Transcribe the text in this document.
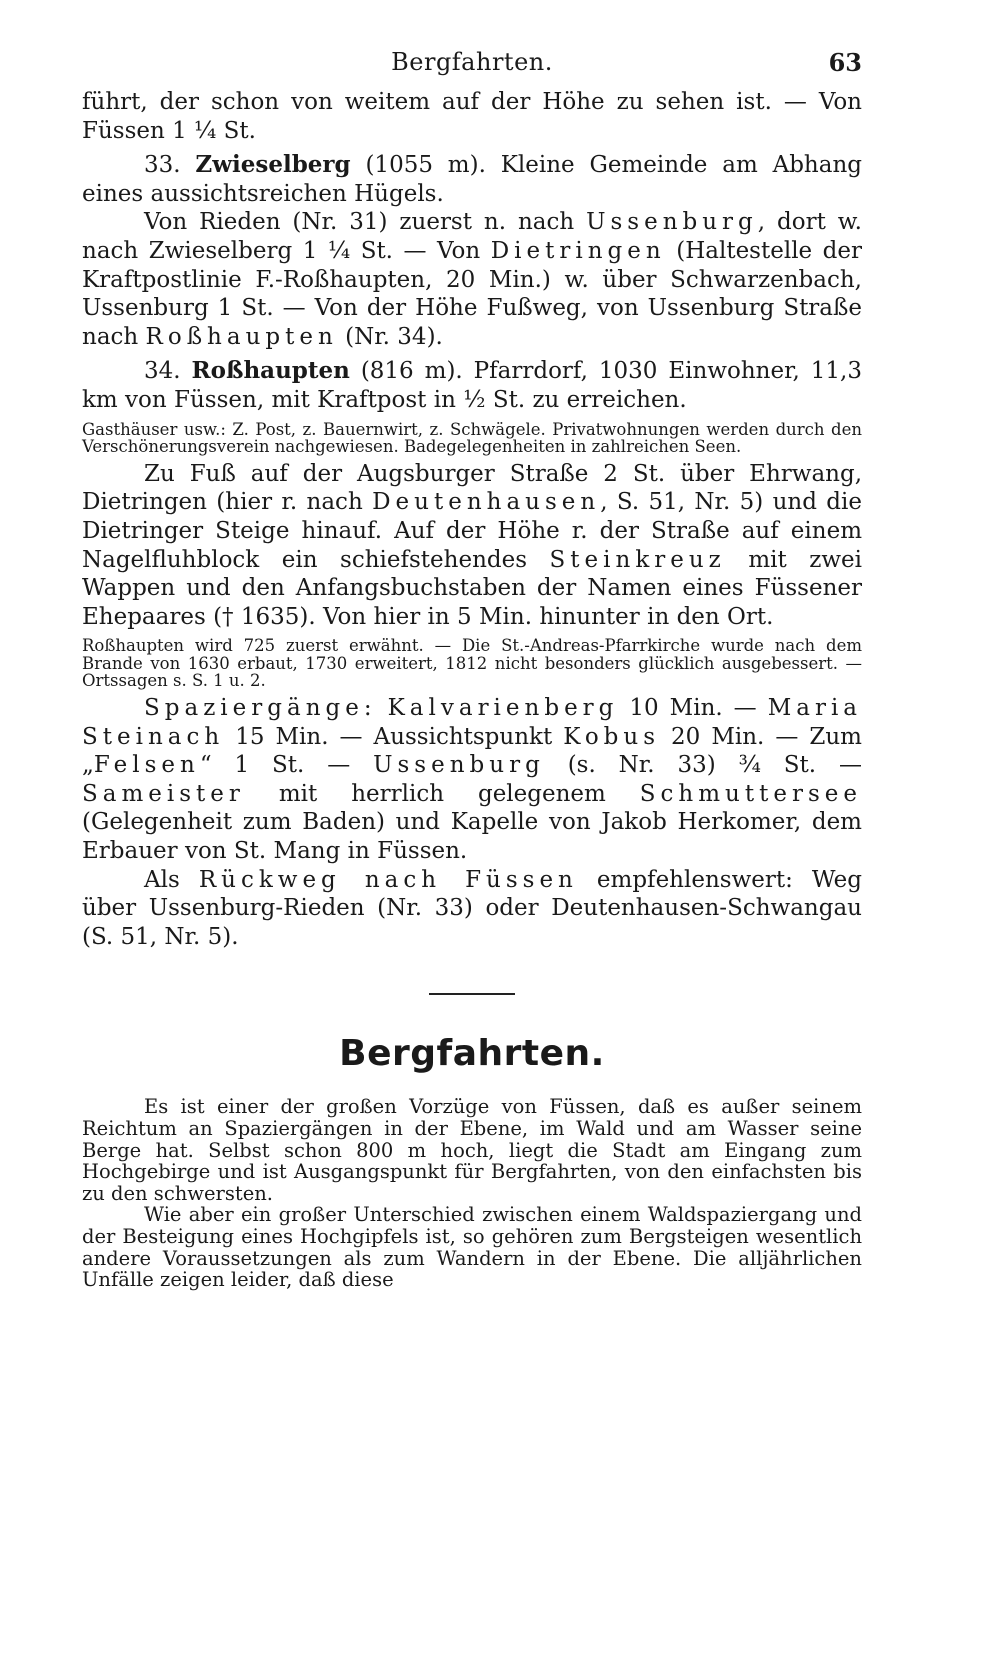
Bergfahrten.	63

führt, der schon von weitem auf der Höhe zu sehen ist. — Von Füssen 1 ¼ St.

33. Zwieselberg (1055 m). Kleine Gemeinde am Abhang eines aussichtsreichen Hügels.

Von Rieden (Nr. 31) zuerst n. nach Ussenburg, dort w. nach Zwieselberg 1 ¼ St. — Von Dietringen (Haltestelle der Kraftpostlinie F.-Roßhaupten, 20 Min.) w. über Schwarzenbach, Ussenburg 1 St. — Von der Höhe Fußweg, von Ussenburg Straße nach Roßhaupten (Nr. 34).

34. Roßhaupten (816 m). Pfarrdorf, 1030 Einwohner, 11,3 km von Füssen, mit Kraftpost in ½ St. zu erreichen.

Gasthäuser usw.: Z. Post, z. Bauernwirt, z. Schwägele. Privatwohnungen werden durch den Verschönerungsverein nachgewiesen. Badegelegenheiten in zahlreichen Seen.

Zu Fuß auf der Augsburger Straße 2 St. über Ehrwang, Dietringen (hier r. nach Deutenhausen, S. 51, Nr. 5) und die Dietringer Steige hinauf. Auf der Höhe r. der Straße auf einem Nagelfluhblock ein schiefstehendes Steinkreuz mit zwei Wappen und den Anfangsbuchstaben der Namen eines Füssener Ehepaares († 1635). Von hier in 5 Min. hinunter in den Ort.

Roßhaupten wird 725 zuerst erwähnt. — Die St.-Andreas-Pfarrkirche wurde nach dem Brande von 1630 erbaut, 1730 erweitert, 1812 nicht besonders glücklich ausgebessert. — Ortssagen s. S. 1 u. 2.

Spaziergänge: Kalvarienberg 10 Min. — Maria Steinach 15 Min. — Aussichtspunkt Kobus 20 Min. — Zum „Felsen“ 1 St. — Ussenburg (s. Nr. 33) ¾ St. — Sameister mit herrlich gelegenem Schmuttersee (Gelegenheit zum Baden) und Kapelle von Jakob Herkomer, dem Erbauer von St. Mang in Füssen.

Als Rückweg nach Füssen empfehlenswert: Weg über Ussenburg-Rieden (Nr. 33) oder Deutenhausen-Schwangau (S. 51, Nr. 5).

Bergfahrten.

Es ist einer der großen Vorzüge von Füssen, daß es außer seinem Reichtum an Spaziergängen in der Ebene, im Wald und am Wasser seine Berge hat. Selbst schon 800 m hoch, liegt die Stadt am Eingang zum Hochgebirge und ist Ausgangspunkt für Bergfahrten, von den einfachsten bis zu den schwersten.

Wie aber ein großer Unterschied zwischen einem Waldspaziergang und der Besteigung eines Hochgipfels ist, so gehören zum Bergsteigen wesentlich andere Voraussetzungen als zum Wandern in der Ebene. Die alljährlichen Unfälle zeigen leider, daß diese
